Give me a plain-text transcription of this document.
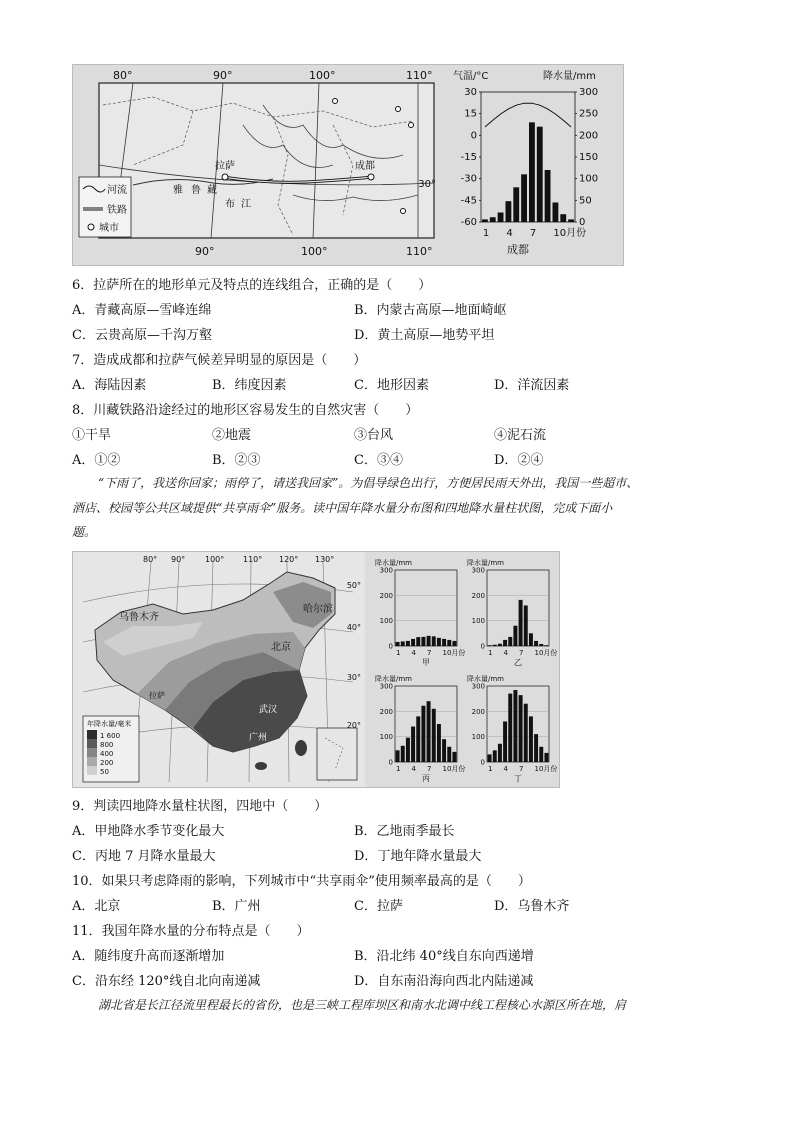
80°	90°	100°	110°
90°	100°	110°
30°
拉萨	成都
雅 鲁 藏
布 江
河流
铁路
城市
气温/°C	降水量/mm
30
15
0
-15
-30
-45
-60
300
250
200
150
100
50
0
1 4 7 10月份
成都
6．拉萨所在的地形单元及特点的连线组合，正确的是（　　）
A．青藏高原—雪峰连绵	B．内蒙古高原—地面崎岖
C．云贵高原—千沟万壑	D．黄土高原—地势平坦
7．造成成都和拉萨气候差异明显的原因是（　　）
A．海陆因素	B．纬度因素	C．地形因素	D．洋流因素
8．川藏铁路沿途经过的地形区容易发生的自然灾害（　　）
①干旱	②地震	③台风	④泥石流
A．①②	B．②③	C．③④	D．②④
“下雨了，我送你回家；雨停了，请送我回家”。为倡导绿色出行，方便居民雨天外出，我国一些超市、
酒店、校园等公共区域提供“共享雨伞”服务。读中国年降水量分布图和四地降水量柱状图，完成下面小
题。
年降水量/毫米
1 600
800
400
200
50
80° 90° 100° 110° 120° 130°
50°
40°
30°
20°
乌鲁木齐
哈尔滨
北京
拉萨
武汉
广州
降水量/mm
300
200
100
0
1 4 7 10月份
甲
降水量/mm
300
200
100
0
1 4 7 10月份
乙
降水量/mm
300
200
100
0
1 4 7 10月份
丙
降水量/mm
300
200
100
0
1 4 7 10月份
丁
9．判读四地降水量柱状图，四地中（　　）
A．甲地降水季节变化最大	B．乙地雨季最长
C．丙地 7 月降水量最大	D．丁地年降水量最大
10．如果只考虑降雨的影响，下列城市中“共享雨伞”使用频率最高的是（　　）
A．北京	B．广州	C．拉萨	D．乌鲁木齐
11．我国年降水量的分布特点是（　　）
A．随纬度升高而逐渐增加	B．沿北纬 40°线自东向西递增
C．沿东经 120°线自北向南递减	D．自东南沿海向西北内陆递减
湖北省是长江径流里程最长的省份，也是三峡工程库坝区和南水北调中线工程核心水源区所在地，肩
